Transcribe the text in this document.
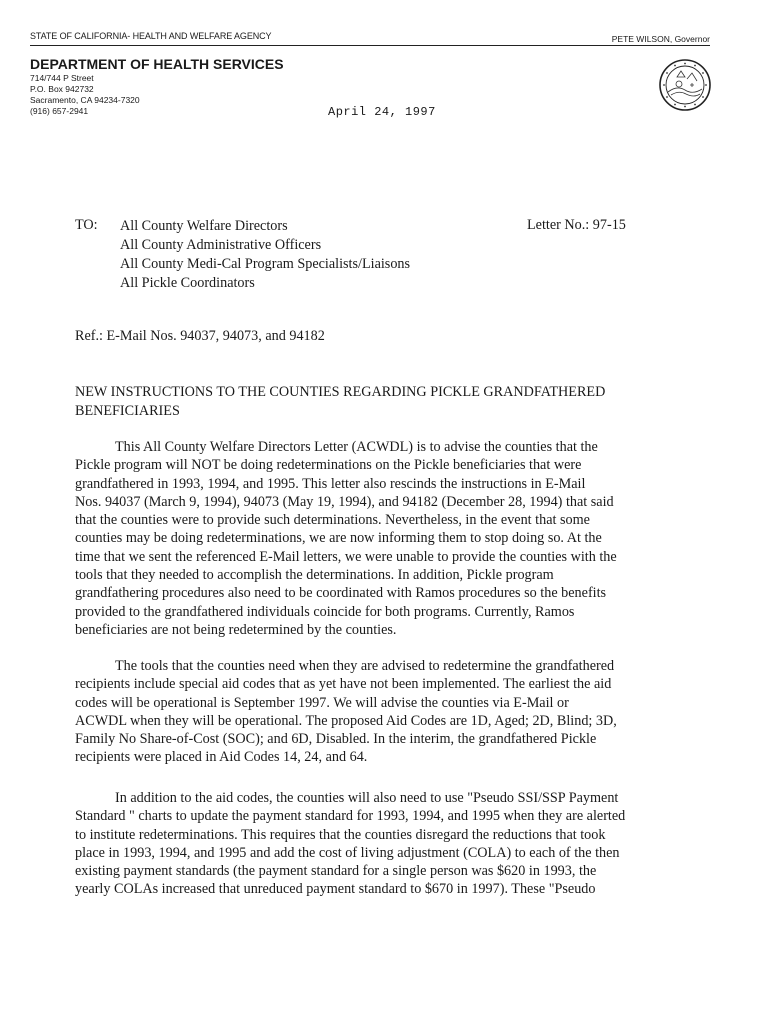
STATE OF CALIFORNIA- HEALTH AND WELFARE AGENCY	PETE WILSON, Governor
DEPARTMENT OF HEALTH SERVICES
714/744 P Street
P.O. Box 942732
Sacramento, CA 94234-7320
(916) 657-2941	April 24, 1997
TO: All County Welfare Directors
All County Administrative Officers
All County Medi-Cal Program Specialists/Liaisons
All Pickle Coordinators
Letter No.: 97-15
Ref.: E-Mail Nos. 94037, 94073, and 94182
NEW INSTRUCTIONS TO THE COUNTIES REGARDING PICKLE GRANDFATHERED
BENEFICIARIES
This All County Welfare Directors Letter (ACWDL) is to advise the counties that the
Pickle program will NOT be doing redeterminations on the Pickle beneficiaries that were
grandfathered in 1993, 1994, and 1995. This letter also rescinds the instructions in E-Mail
Nos. 94037 (March 9, 1994), 94073 (May 19, 1994), and 94182 (December 28, 1994) that said
that the counties were to provide such determinations. Nevertheless, in the event that some
counties may be doing redeterminations, we are now informing them to stop doing so. At the
time that we sent the referenced E-Mail letters, we were unable to provide the counties with the
tools that they needed to accomplish the determinations. In addition, Pickle program
grandfathering procedures also need to be coordinated with Ramos procedures so the benefits
provided to the grandfathered individuals coincide for both programs. Currently, Ramos
beneficiaries are not being redetermined by the counties.
The tools that the counties need when they are advised to redetermine the grandfathered
recipients include special aid codes that as yet have not been implemented. The earliest the aid
codes will be operational is September 1997. We will advise the counties via E-Mail or
ACWDL when they will be operational. The proposed Aid Codes are 1D, Aged; 2D, Blind; 3D,
Family No Share-of-Cost (SOC); and 6D, Disabled. In the interim, the grandfathered Pickle
recipients were placed in Aid Codes 14, 24, and 64.
In addition to the aid codes, the counties will also need to use "Pseudo SSI/SSP Payment
Standard " charts to update the payment standard for 1993, 1994, and 1995 when they are alerted
to institute redeterminations. This requires that the counties disregard the reductions that took
place in 1993, 1994, and 1995 and add the cost of living adjustment (COLA) to each of the then
existing payment standards (the payment standard for a single person was $620 in 1993, the
yearly COLAs increased that unreduced payment standard to $670 in 1997). These "Pseudo
